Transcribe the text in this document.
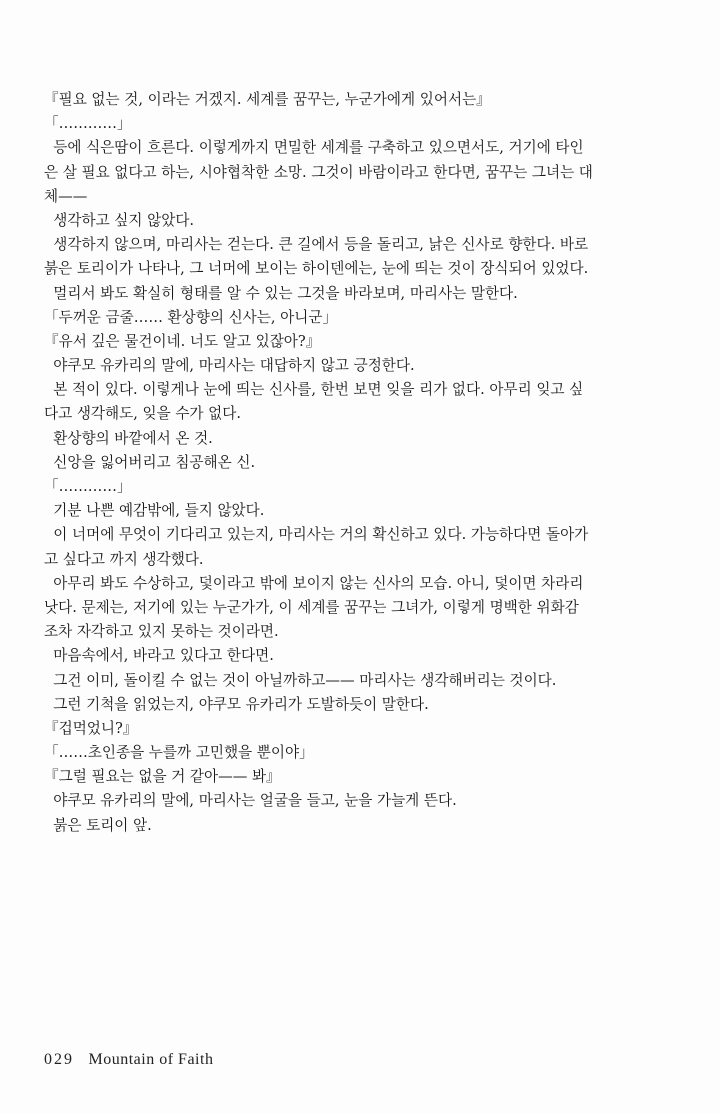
『필요 없는 것, 이라는 거겠지. 세계를 꿈꾸는, 누군가에게 있어서는』
「…………」
등에 식은땀이 흐른다. 이렇게까지 면밀한 세계를 구축하고 있으면서도, 거기에 타인
은 살 필요 없다고 하는, 시야협착한 소망. 그것이 바람이라고 한다면, 꿈꾸는 그녀는 대
체——
생각하고 싶지 않았다.
생각하지 않으며, 마리사는 걷는다. 큰 길에서 등을 돌리고, 낡은 신사로 향한다. 바로
붉은 토리이가 나타나, 그 너머에 보이는 하이덴에는, 눈에 띄는 것이 장식되어 있었다.
멀리서 봐도 확실히 형태를 알 수 있는 그것을 바라보며, 마리사는 말한다.
「두꺼운 금줄…… 환상향의 신사는, 아니군」
『유서 깊은 물건이네. 너도 알고 있잖아?』
야쿠모 유카리의 말에, 마리사는 대답하지 않고 긍정한다.
본 적이 있다. 이렇게나 눈에 띄는 신사를, 한번 보면 잊을 리가 없다. 아무리 잊고 싶
다고 생각해도, 잊을 수가 없다.
환상향의 바깥에서 온 것.
신앙을 잃어버리고 침공해온 신.
「…………」
기분 나쁜 예감밖에, 들지 않았다.
이 너머에 무엇이 기다리고 있는지, 마리사는 거의 확신하고 있다. 가능하다면 돌아가
고 싶다고 까지 생각했다.
아무리 봐도 수상하고, 덫이라고 밖에 보이지 않는 신사의 모습. 아니, 덫이면 차라리
낫다. 문제는, 저기에 있는 누군가가, 이 세계를 꿈꾸는 그녀가, 이렇게 명백한 위화감
조차 자각하고 있지 못하는 것이라면.
마음속에서, 바라고 있다고 한다면.
그건 이미, 돌이킬 수 없는 것이 아닐까하고—— 마리사는 생각해버리는 것이다.
그런 기척을 읽었는지, 야쿠모 유카리가 도발하듯이 말한다.
『겁먹었니?』
「……초인종을 누를까 고민했을 뿐이야」
『그럴 필요는 없을 거 같아—— 봐』
야쿠모 유카리의 말에, 마리사는 얼굴을 들고, 눈을 가늘게 뜬다.
붉은 토리이 앞.
029 Mountain of Faith
